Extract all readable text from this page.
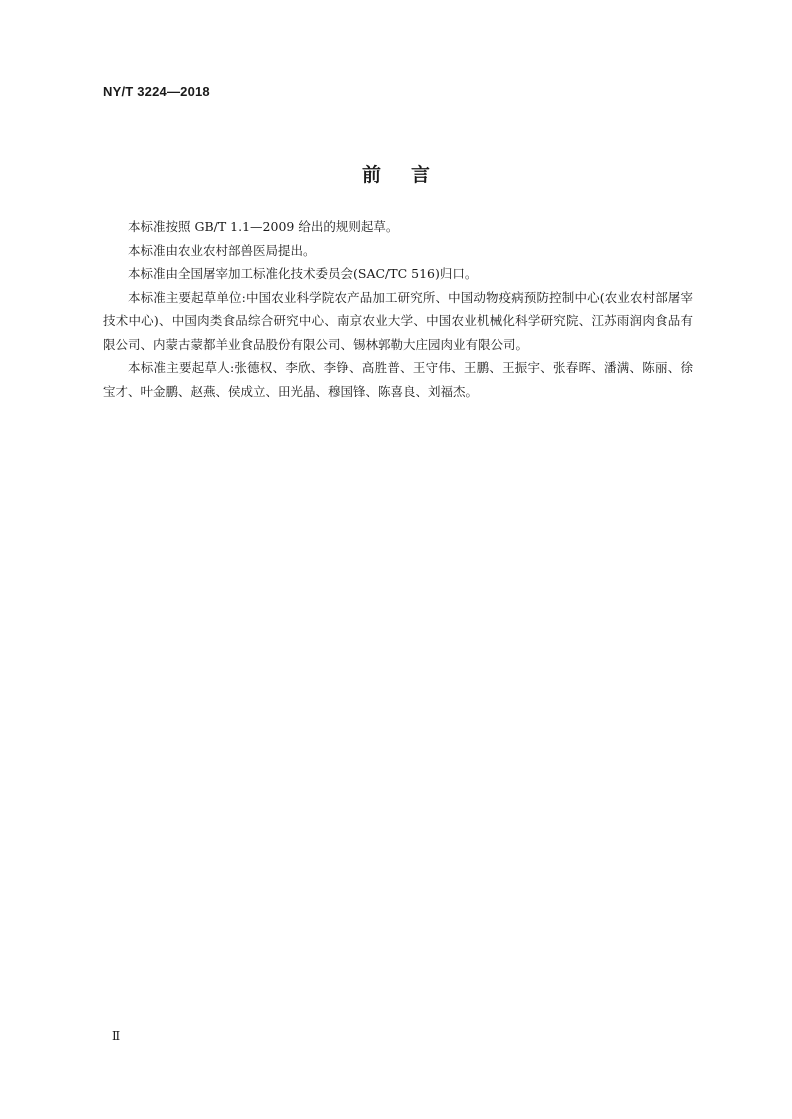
NY/T 3224—2018
前言

本标准按照 GB/T 1.1—2009 给出的规则起草。

本标准由农业农村部兽医局提出。

本标准由全国屠宰加工标准化技术委员会(SAC/TC 516)归口。

本标准主要起草单位:中国农业科学院农产品加工研究所、中国动物疫病预防控制中心(农业农村部屠宰技术中心)、中国肉类食品综合研究中心、南京农业大学、中国农业机械化科学研究院、江苏雨润肉食品有限公司、内蒙古蒙都羊业食品股份有限公司、锡林郭勒大庄园肉业有限公司。

本标准主要起草人:张德权、李欣、李铮、高胜普、王守伟、王鹏、王振宇、张春晖、潘满、陈丽、徐宝才、叶金鹏、赵燕、侯成立、田光晶、穆国锋、陈喜良、刘福杰。

Ⅱ
